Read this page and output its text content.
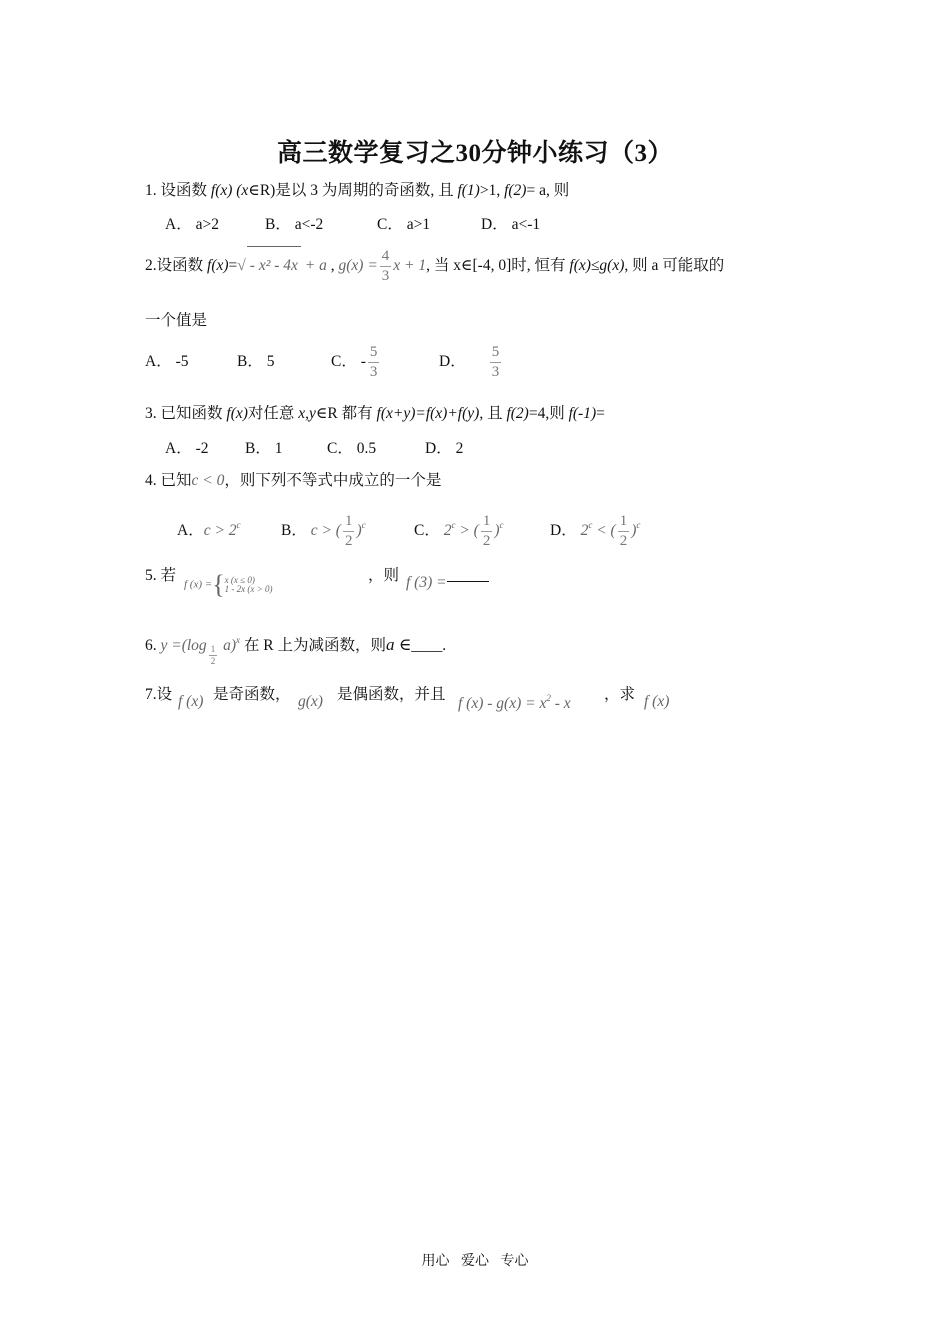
高三数学复习之30分钟小练习（3）
1. 设函数 f(x) (x∈R)是以 3 为周期的奇函数, 且 f(1)>1, f(2)= a, 则
A． a>2	B． a<-2	C． a>1	D． a<-1
2.设函数 f(x)=√ - x² - 4x + a , $g(x) = \frac{4}{3}$ x + 1, 当 x∈[-4, 0]时, 恒有 f(x)≤g(x), 则 a 可能取的
一个值是
A． -5	B． 5	C． - $\frac{5}{3}$	D． $\frac{5}{3}$
3. 已知函数 f(x)对任意 x,y∈R 都有 f(x+y)=f(x)+f(y), 且 f(2)=4,则 f(-1)=
A． -2 B． 1	C． 0.5	D． 2
4. 已知c < 0，则下列不等式中成立的一个是
A．$c > 2^c$	B． c > ( $\frac{1}{2} )^c$	C． $2^c$ > ( $\frac{1}{2} )^c$	D． $2^c$ < ( $\frac{1}{2} )^c$
5. 若
f (x) ={ x (x ≤ 0)
1 - 2x (x > 0)
，则 f (3) =
6. $y =(\log \frac{1}{2} a)^x$ 在 R 上为减函数，则a ∈____.
7.设 f (x) 是奇函数， g(x) 是偶函数，并且
f $(x) - g(x) = x^2 - x$
，求 f (x)
用心 爱心 专心
